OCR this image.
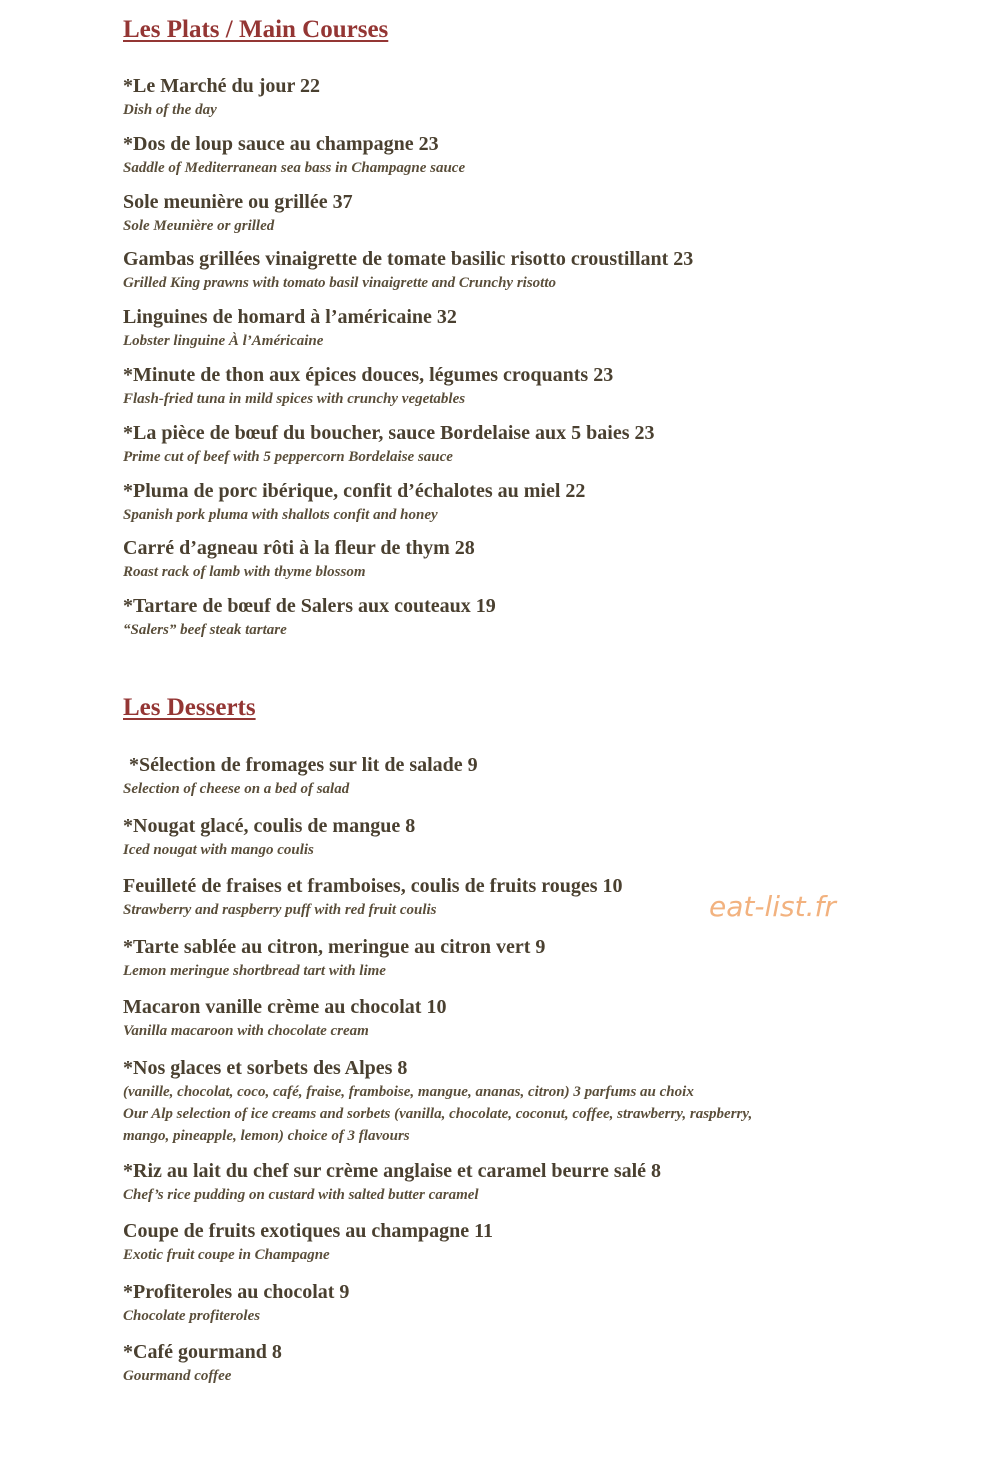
Les Plats / Main Courses
*Le Marché du jour 22
Dish of the day
*Dos de loup sauce au champagne 23
Saddle of Mediterranean sea bass in Champagne sauce
Sole meunière ou grillée 37
Sole Meunière or grilled
Gambas grillées vinaigrette de tomate basilic risotto croustillant 23
Grilled King prawns with tomato basil vinaigrette and Crunchy risotto
Linguines de homard à l’américaine 32
Lobster linguine À l’Américaine
*Minute de thon aux épices douces, légumes croquants 23
Flash-fried tuna in mild spices with crunchy vegetables
*La pièce de bœuf du boucher, sauce Bordelaise aux 5 baies 23
Prime cut of beef with 5 peppercorn Bordelaise sauce
*Pluma de porc ibérique, confit d’échalotes au miel 22
Spanish pork pluma with shallots confit and honey
Carré d’agneau rôti à la fleur de thym 28
Roast rack of lamb with thyme blossom
*Tartare de bœuf de Salers aux couteaux 19
“Salers” beef steak tartare
Les Desserts
*Sélection de fromages sur lit de salade 9
Selection of cheese on a bed of salad
*Nougat glacé, coulis de mangue 8
Iced nougat with mango coulis
Feuilleté de fraises et framboises, coulis de fruits rouges 10
Strawberry and raspberry puff with red fruit coulis
*Tarte sablée au citron, meringue au citron vert 9
Lemon meringue shortbread tart with lime
Macaron vanille crème au chocolat 10
Vanilla macaroon with chocolate cream
*Nos glaces et sorbets des Alpes 8
(vanille, chocolat, coco, café, fraise, framboise, mangue, ananas, citron) 3 parfums au choix
Our Alp selection of ice creams and sorbets (vanilla, chocolate, coconut, coffee, strawberry, raspberry,
mango, pineapple, lemon) choice of 3 flavours
*Riz au lait du chef sur crème anglaise et caramel beurre salé 8
Chef’s rice pudding on custard with salted butter caramel
Coupe de fruits exotiques au champagne 11
Exotic fruit coupe in Champagne
*Profiteroles au chocolat 9
Chocolate profiteroles
*Café gourmand 8
Gourmand coffee
eat-list.fr
